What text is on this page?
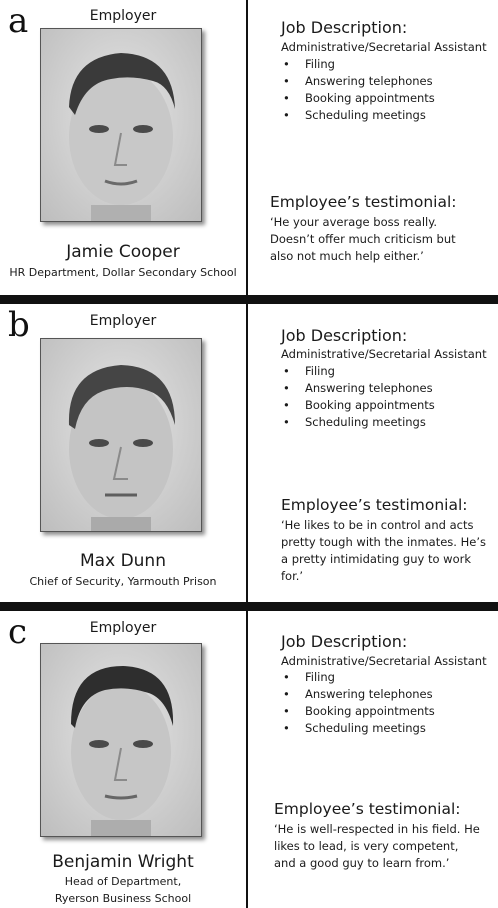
a	Employer
Jamie Cooper
HR Department, Dollar Secondary School
Job Description:
Administrative/Secretarial Assistant
• Filing
• Answering telephones
• Booking appointments
• Scheduling meetings
Employee’s testimonial:
‘He your average boss really.
Doesn’t offer much criticism but
also not much help either.’
b	Employer
Max Dunn
Chief of Security, Yarmouth Prison
Job Description:
Administrative/Secretarial Assistant
• Filing
• Answering telephones
• Booking appointments
• Scheduling meetings
Employee’s testimonial:
‘He likes to be in control and acts
pretty tough with the inmates. He’s
a pretty intimidating guy to work
for.’
c	Employer
Benjamin Wright
Head of Department,
Ryerson Business School
Job Description:
Administrative/Secretarial Assistant
• Filing
• Answering telephones
• Booking appointments
• Scheduling meetings
Employee’s testimonial:
‘He is well-respected in his field. He
likes to lead, is very competent,
and a good guy to learn from.’
